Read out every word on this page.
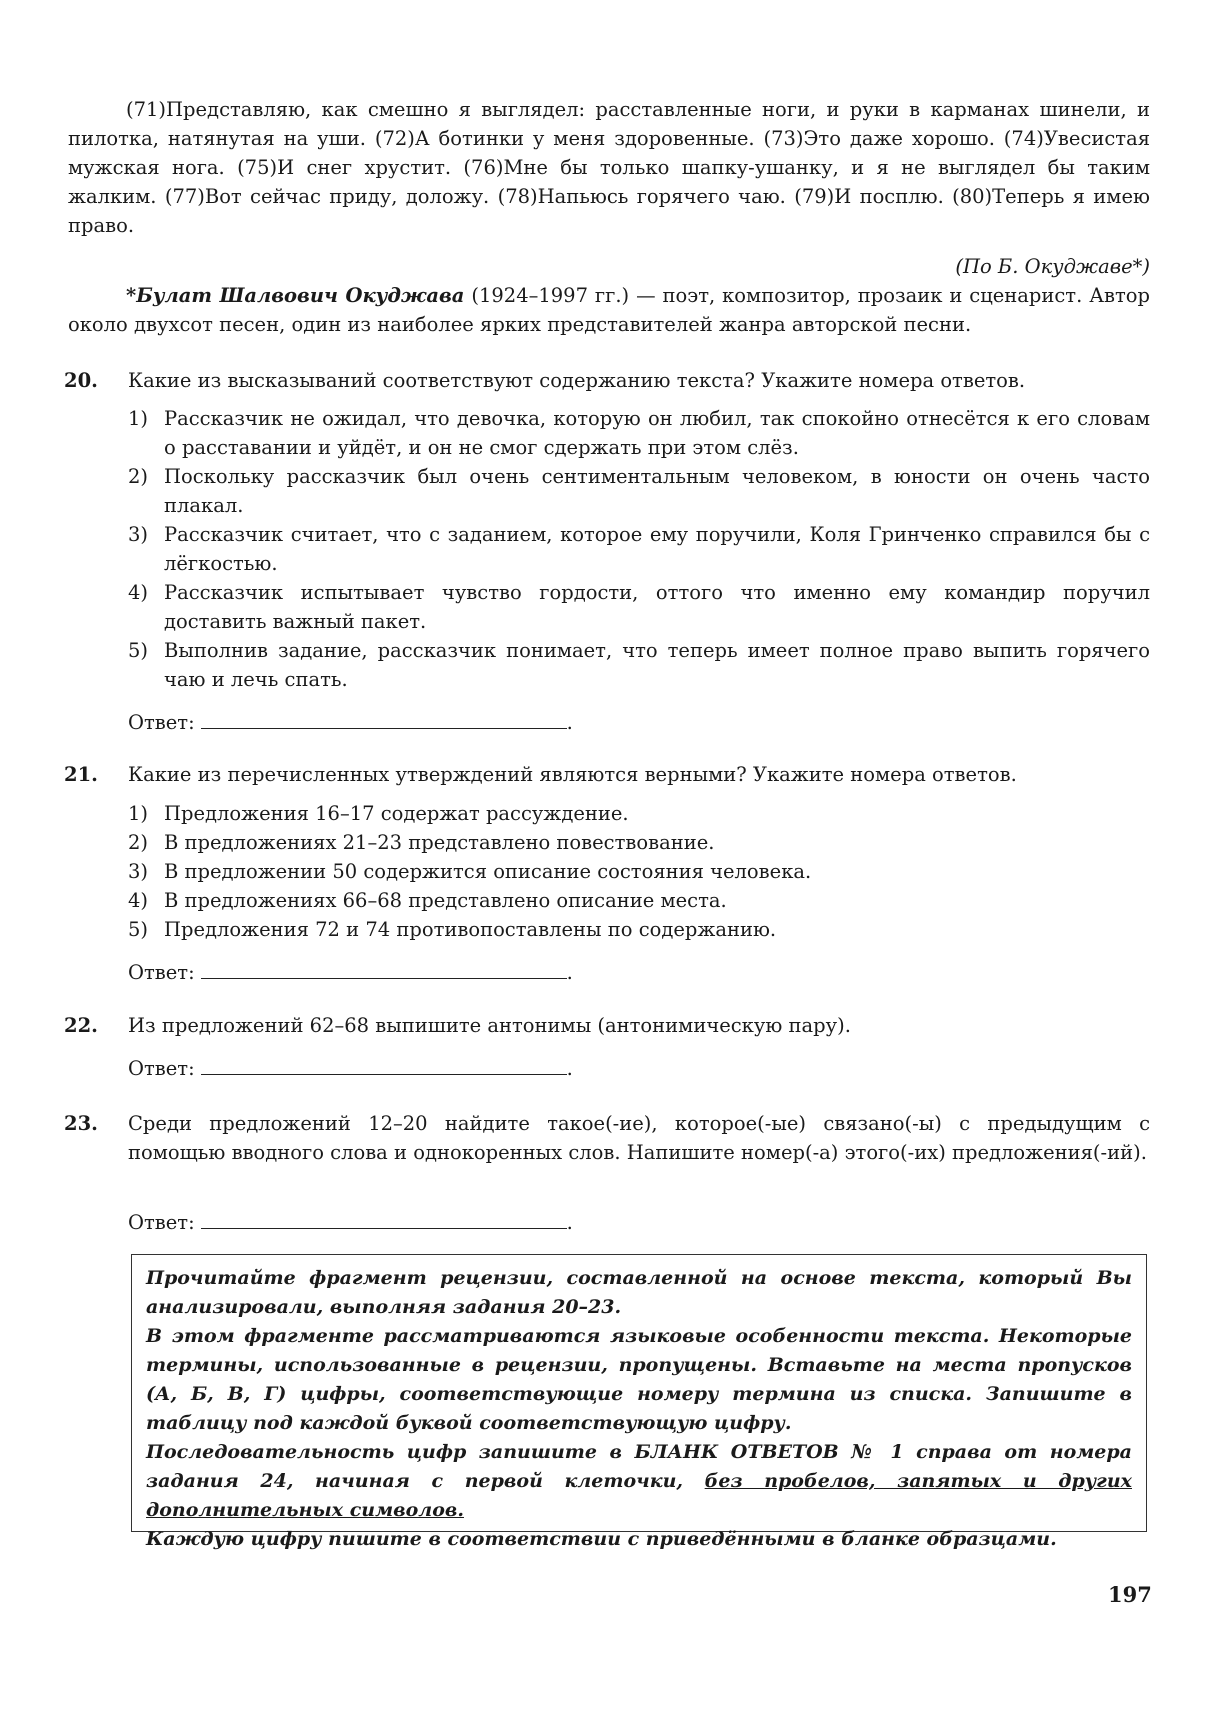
(71)Представляю, как смешно я выглядел: расставленные ноги, и руки в карманах шинели, и пилотка, натянутая на уши. (72)А ботинки у меня здоровенные. (73)Это даже хорошо. (74)Увесистая мужская нога. (75)И снег хрустит. (76)Мне бы только шапку-ушанку, и я не выглядел бы таким жалким. (77)Вот сейчас приду, доложу. (78)Напьюсь горячего чаю. (79)И посплю. (80)Теперь я имею право.

(По Б. Окуджаве*)

*Булат Шалвович Окуджава (1924–1997 гг.) — поэт, композитор, прозаик и сценарист. Автор около двухсот песен, один из наиболее ярких представителей жанра авторской песни.

20. Какие из высказываний соответствуют содержанию текста? Укажите номера ответов.

1) Рассказчик не ожидал, что девочка, которую он любил, так спокойно отнесётся к его словам о расставании и уйдёт, и он не смог сдержать при этом слёз.
2) Поскольку рассказчик был очень сентиментальным человеком, в юности он очень часто плакал.
3) Рассказчик считает, что с заданием, которое ему поручили, Коля Гринченко справился бы с лёгкостью.
4) Рассказчик испытывает чувство гордости, оттого что именно ему командир поручил доставить важный пакет.
5) Выполнив задание, рассказчик понимает, что теперь имеет полное право выпить горячего чаю и лечь спать.
Ответ:	.
21. Какие из перечисленных утверждений являются верными? Укажите номера ответов.

1) Предложения 16–17 содержат рассуждение.
2) В предложениях 21–23 представлено повествование.
3) В предложении 50 содержится описание состояния человека.
4) В предложениях 66–68 представлено описание места.
5) Предложения 72 и 74 противопоставлены по содержанию.
Ответ:	.
22. Из предложений 62–68 выпишите антонимы (антонимическую пару).

Ответ:	.
23. Среди предложений 12–20 найдите такое(-ие), которое(-ые) связано(-ы) с предыдущим с помощью вводного слова и однокоренных слов. Напишите номер(-а) этого(-их) предложения(-ий).

Ответ:	.

Прочитайте фрагмент рецензии, составленной на основе текста, который Вы анализировали, выполняя задания 20–23.

В этом фрагменте рассматриваются языковые особенности текста. Некоторые термины, использованные в рецензии, пропущены. Вставьте на места пропусков (А, Б, В, Г) цифры, соответствующие номеру термина из списка. Запишите в таблицу под каждой буквой соответствующую цифру.

Последовательность цифр запишите в БЛАНК ОТВЕТОВ № 1 справа от номера задания 24, начиная с первой клеточки, без пробелов, запятых и других дополнительных символов.

Каждую цифру пишите в соответствии с приведёнными в бланке образцами.

197
